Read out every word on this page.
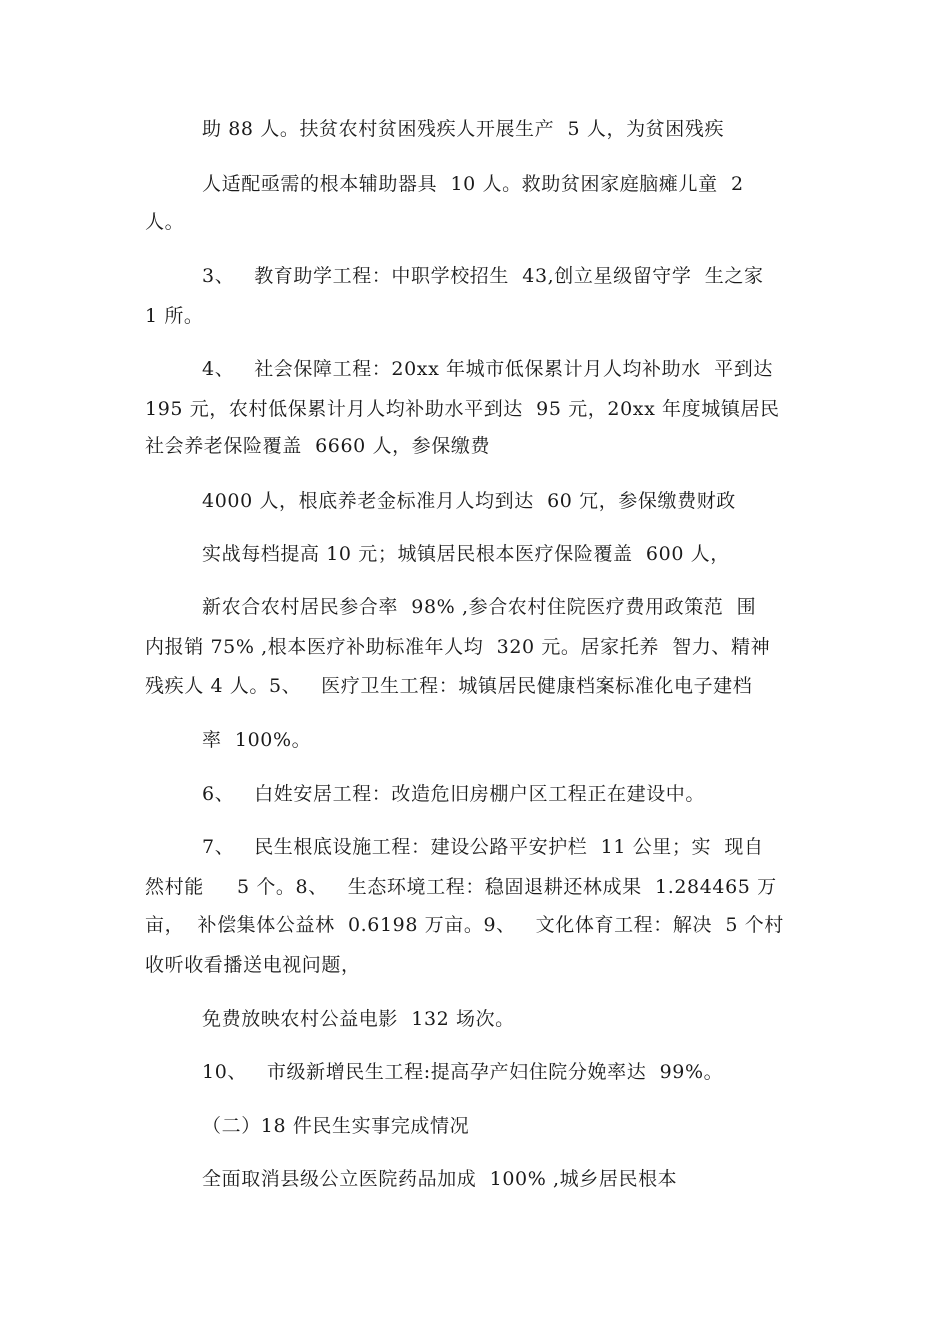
助 88 人。扶贫农村贫困残疾人开展生产  5 人，为贫困残疾
人适配亟需的根本辅助器具  10 人。救助贫困家庭脑瘫儿童  2
人。
3、   教育助学工程：中职学校招生  43,创立星级留守学  生之家
1 所。
4、   社会保障工程：20xx 年城市低保累计月人均补助水  平到达
195 元，农村低保累计月人均补助水平到达  95 元，20xx 年度城镇居民
社会养老保险覆盖  6660 人，参保缴费
4000 人，根底养老金标准月人均到达  60 冗，参保缴费财政
实战每档提高 10 元；城镇居民根本医疗保险覆盖  600 人，
新农合农村居民参合率  98% ,参合农村住院医疗费用政策范  围
内报销 75% ,根本医疗补助标准年人均  320 元。居家托养  智力、精神
残疾人 4 人。5、   医疗卫生工程：城镇居民健康档案标准化电子建档
率  100%。
6、   白姓安居工程：改造危旧房棚户区工程正在建设中。
7、   民生根底设施工程：建设公路平安护栏  11 公里；实  现自
然村能     5 个。8、   生态环境工程：稳固退耕还林成果  1.284465 万
亩，  补偿集体公益林  0.6198 万亩。9、   文化体育工程：解决  5 个村
收听收看播送电视问题，
免费放映农村公益电影  132 场次。
10、   市级新增民生工程:提高孕产妇住院分娩率达  99%。
（二）18 件民生实事完成情况
全面取消县级公立医院药品加成  100% ,城乡居民根本
